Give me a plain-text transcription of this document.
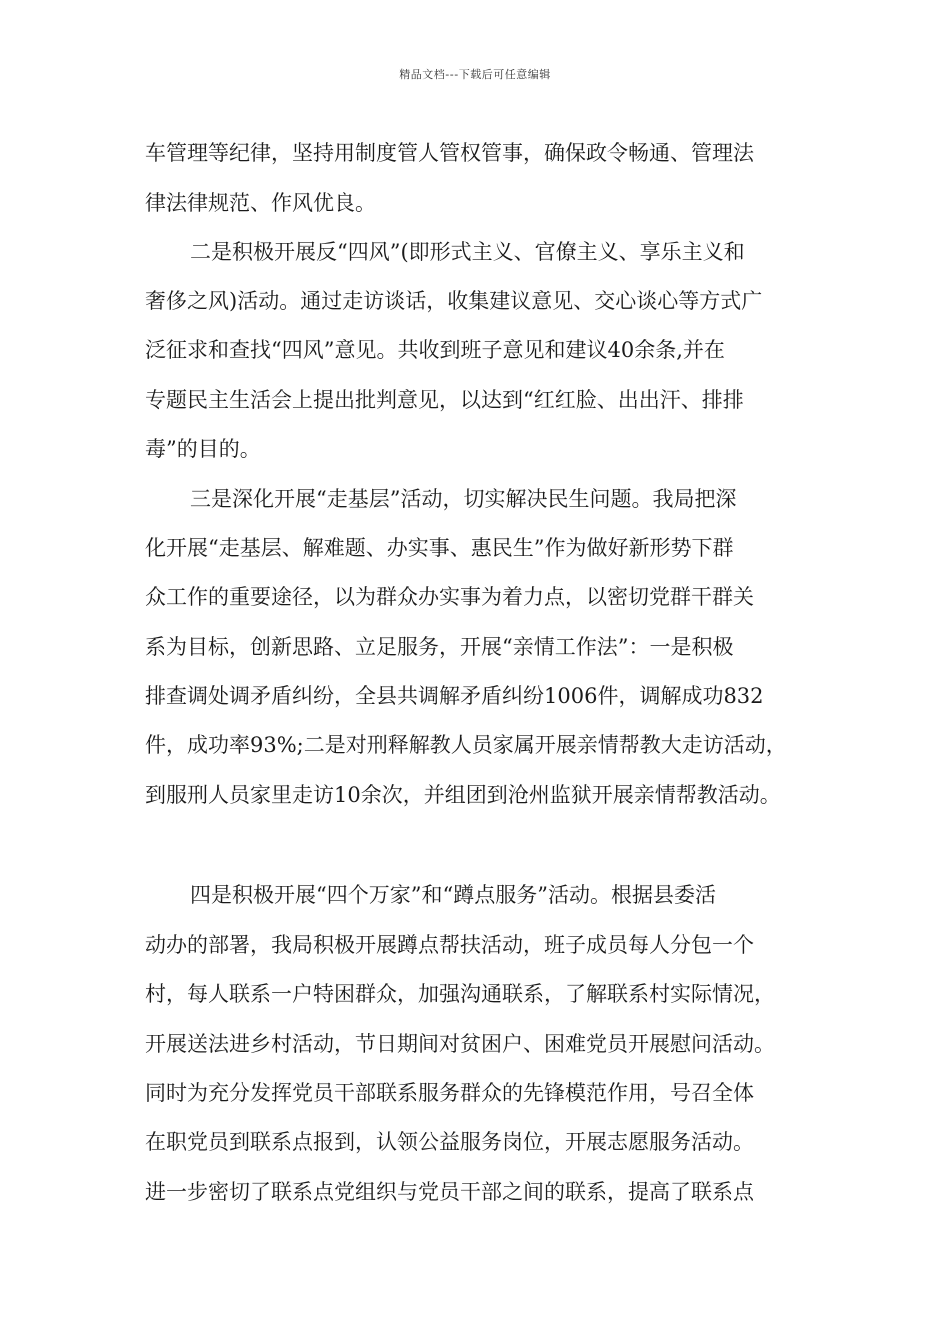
精品文档---下载后可任意编辑
车管理等纪律，坚持用制度管人管权管事，确保政令畅通、管理法
律法律规范、作风优良。
二是积极开展反“四风”(即形式主义、官僚主义、享乐主义和
奢侈之风)活动。通过走访谈话，收集建议意见、交心谈心等方式广
泛征求和查找“四风”意见。共收到班子意见和建议40余条,并在
专题民主生活会上提出批判意见，以达到“红红脸、出出汗、排排
毒”的目的。
三是深化开展“走基层”活动，切实解决民生问题。我局把深
化开展“走基层、解难题、办实事、惠民生”作为做好新形势下群
众工作的重要途径，以为群众办实事为着力点，以密切党群干群关
系为目标，创新思路、立足服务，开展“亲情工作法”：一是积极
排查调处调矛盾纠纷，全县共调解矛盾纠纷1006件，调解成功832
件，成功率93%;二是对刑释解教人员家属开展亲情帮教大走访活动，
到服刑人员家里走访10余次，并组团到沧州监狱开展亲情帮教活动。
四是积极开展“四个万家”和“蹲点服务”活动。根据县委活
动办的部署，我局积极开展蹲点帮扶活动，班子成员每人分包一个
村，每人联系一户特困群众，加强沟通联系，了解联系村实际情况，
开展送法进乡村活动，节日期间对贫困户、困难党员开展慰问活动。
同时为充分发挥党员干部联系服务群众的先锋模范作用，号召全体
在职党员到联系点报到，认领公益服务岗位，开展志愿服务活动。
进一步密切了联系点党组织与党员干部之间的联系，提高了联系点
